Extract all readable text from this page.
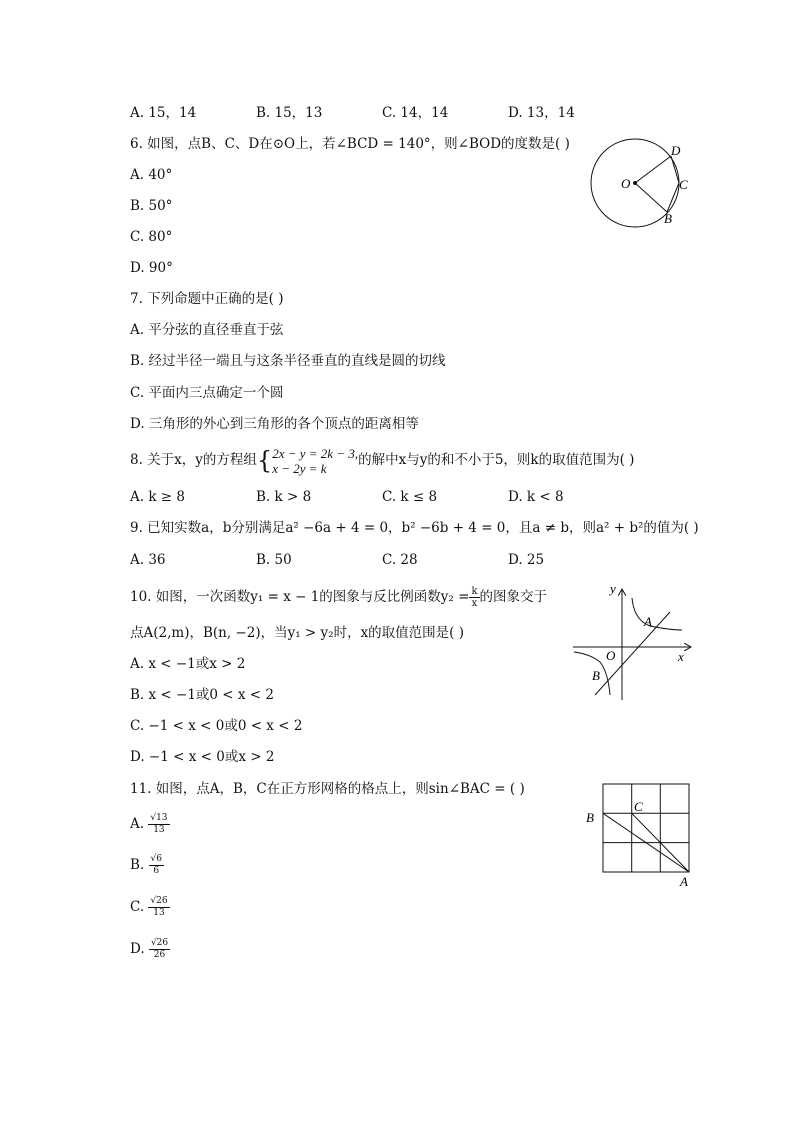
A. 15，14	B. 15，13	C. 14，14	D. 13，14
6. 如图，点B、C、D在⊙O上，若∠BCD = 140°，则∠BOD的度数是( )
A. 40°
B. 50°
C. 80°
D. 90°
O
D
C
B
7. 下列命题中正确的是( )
A. 平分弦的直径垂直于弦
B. 经过半径一端且与这条半径垂直的直线是圆的切线
C. 平面内三点确定一个圆
D. 三角形的外心到三角形的各个顶点的距离相等
8. 关于x，y的方程组{ 2x − y = 2k − 3,
x − 2y = k	的解中x与y的和不小于5，则k的取值范围为( )
A. k ≥ 8	B. k > 8	C. k ≤ 8	D. k < 8
9. 已知实数a，b分别满足a² −6a + 4 = 0，b² −6b + 4 = 0，且a ≠ b，则a² + b²的值为( )
A. 36	B. 50	C. 28	D. 25
10. 如图，一次函数y₁ = x − 1的图象与反比例函数$y_2 = \frac{k}{x}$ 的图象交于
点A(2,m)，B(n, −2)，当y₁ > y₂时，x的取值范围是( )
A. x < −1或x > 2
B. x < −1或0 < x < 2
C. −1 < x < 0或0 < x < 2
D. −1 < x < 0或x > 2
y
x
O
A
B
11. 如图，点A，B，C在正方形网格的格点上，则sin∠BAC = ( )
A. $\frac{√13}{13}$
B. $\frac{√6}{6}$
C. $\frac{√26}{13}$
D. $\frac{√26}{26}$
B
C
A
